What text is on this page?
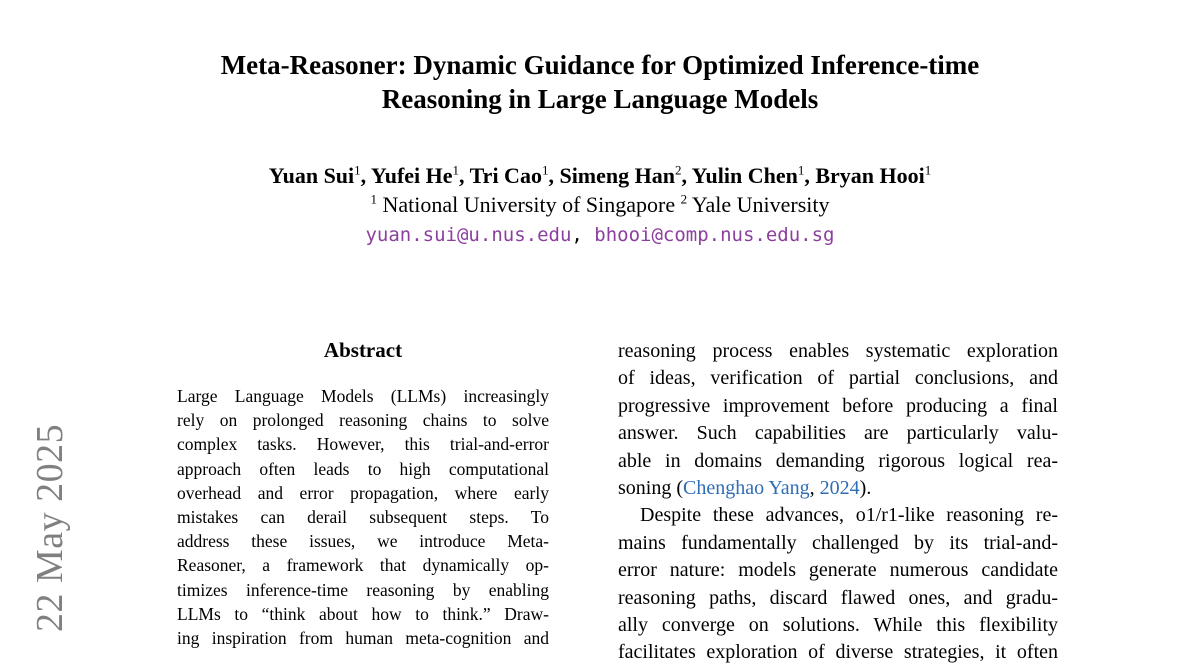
22 May 2025
Meta-Reasoner: Dynamic Guidance for Optimized Inference-time
Reasoning in Large Language Models
Yuan Sui$^1$, Yufei He$^1$, Tri Cao$^1$, Simeng Han$^2$, Yulin Chen$^1$, Bryan Hooi$^1$
$^1$ National University of Singapore $^2$ Yale University
yuan.sui@u.nus.edu, bhooi@comp.nus.edu.sg
Abstract
Large Language Models (LLMs) increasingly
rely on prolonged reasoning chains to solve
complex tasks. However, this trial-and-error
approach often leads to high computational
overhead and error propagation, where early
mistakes can derail subsequent steps. To
address these issues, we introduce Meta-
Reasoner, a framework that dynamically op-
timizes inference-time reasoning by enabling
LLMs to “think about how to think.” Draw-
ing inspiration from human meta-cognition and
reasoning process enables systematic exploration
of ideas, verification of partial conclusions, and
progressive improvement before producing a final
answer. Such capabilities are particularly valu-
able in domains demanding rigorous logical rea-
soning (Chenghao Yang, 2024).
Despite these advances, o1/r1-like reasoning re-
mains fundamentally challenged by its trial-and-
error nature: models generate numerous candidate
reasoning paths, discard flawed ones, and gradu-
ally converge on solutions. While this flexibility
facilitates exploration of diverse strategies, it often
